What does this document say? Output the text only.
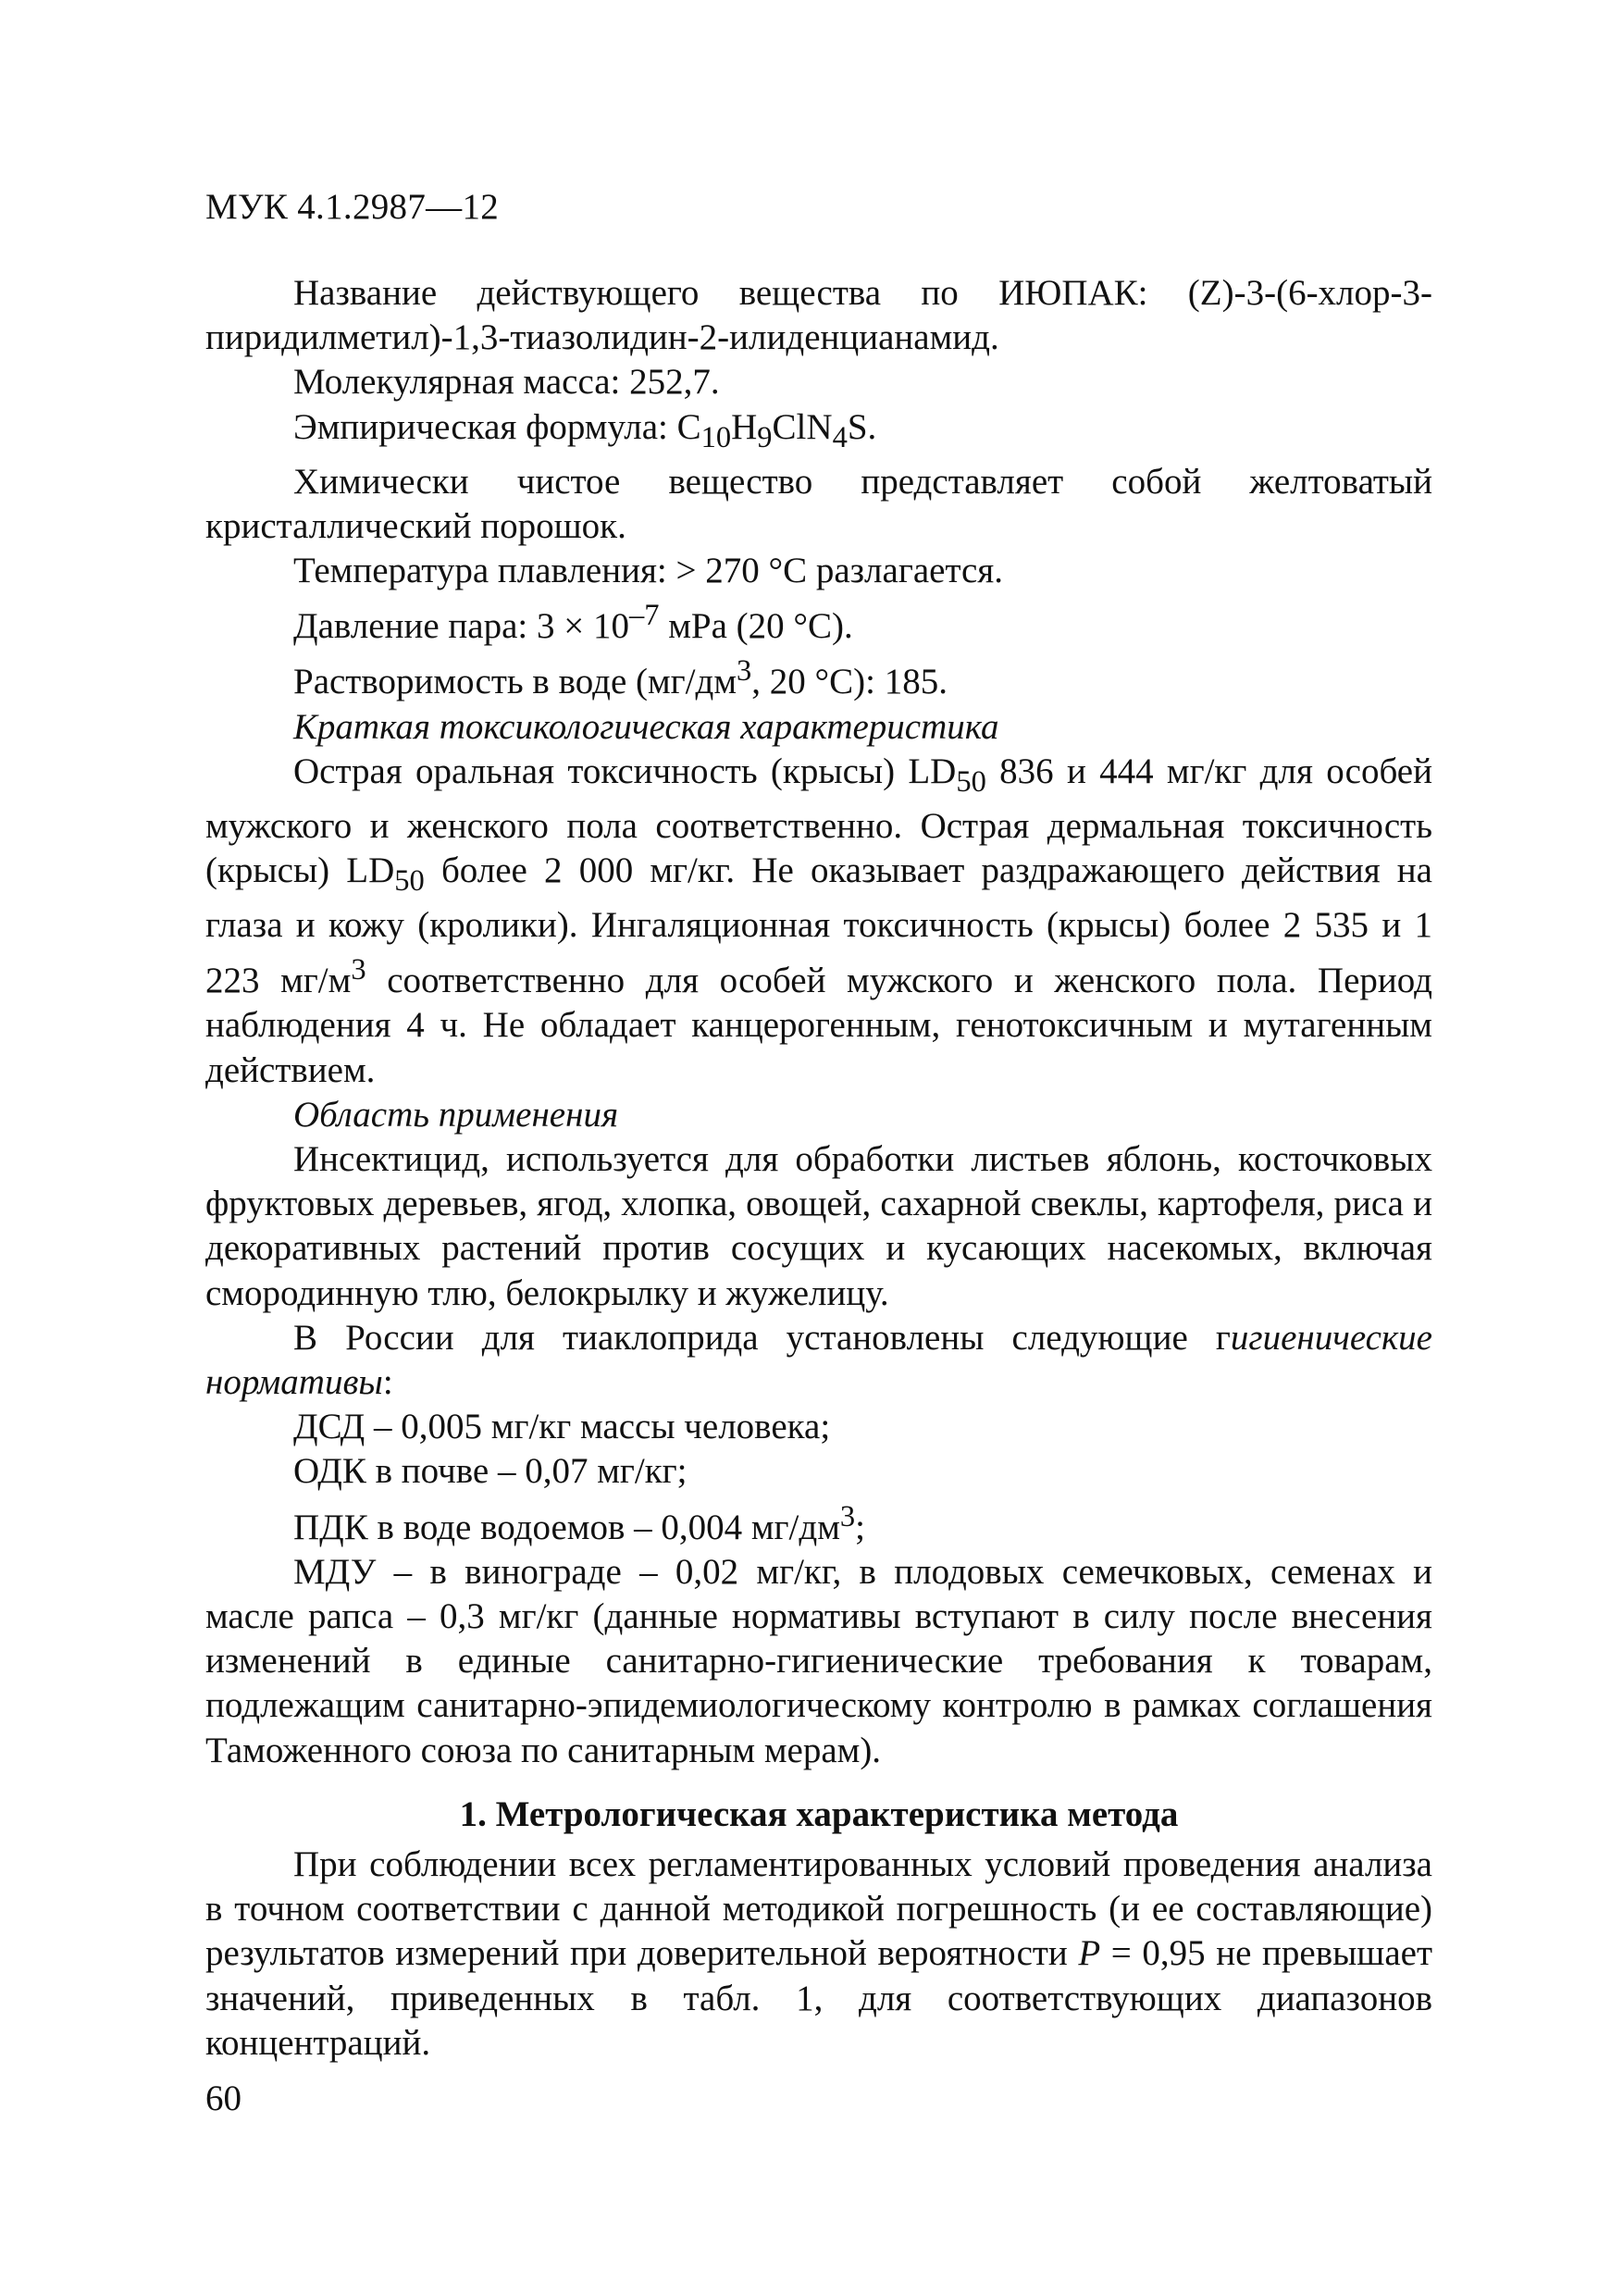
МУК 4.1.2987—12

Название действующего вещества по ИЮПАК: (Z)-3-(6-хлор-3-пиридилметил)-1,3-тиазолидин-2-илиденцианамид.

Молекулярная масса: 252,7.

Эмпирическая формула: $C_{10}H_9ClN_4S$.

Химически чистое вещество представляет собой желтоватый кристаллический порошок.

Температура плавления: > 270 °С разлагается.

Давление пара: $3 \times 10^{-7}$ мPa (20 °С).

Растворимость в воде ($мг/дм^3$, 20 °С): 185.

Краткая токсикологическая характеристика

Острая оральная токсичность (крысы) $LD_{50}$ 836 и 444 мг/кг для особей мужского и женского пола соответственно. Острая дермальная токсичность (крысы) $LD_{50}$ более 2 000 мг/кг. Не оказывает раздражающего действия на глаза и кожу (кролики). Ингаляционная токсичность (крысы) более 2 535 и 1 223 $мг/м^3$ соответственно для особей мужского и женского пола. Период наблюдения 4 ч. Не обладает канцерогенным, генотоксичным и мутагенным действием.

Область применения

Инсектицид, используется для обработки листьев яблонь, косточковых фруктовых деревьев, ягод, хлопка, овощей, сахарной свеклы, картофеля, риса и декоративных растений против сосущих и кусающих насекомых, включая смородинную тлю, белокрылку и жужелицу.

В России для тиаклоприда установлены следующие гигиенические нормативы:

ДСД – 0,005 мг/кг массы человека;

ОДК в почве – 0,07 мг/кг;

ПДК в воде водоемов – 0,004 $мг/дм^3$;

МДУ – в винограде – 0,02 мг/кг, в плодовых семечковых, семенах и масле рапса – 0,3 мг/кг (данные нормативы вступают в силу после внесения изменений в единые санитарно-гигиенические требования к товарам, подлежащим санитарно-эпидемиологическому контролю в рамках соглашения Таможенного союза по санитарным мерам).

1. Метрологическая характеристика метода

При соблюдении всех регламентированных условий проведения анализа в точном соответствии с данной методикой погрешность (и ее составляющие) результатов измерений при доверительной вероятности Р = 0,95 не превышает значений, приведенных в табл. 1, для соответствующих диапазонов концентраций.

60
